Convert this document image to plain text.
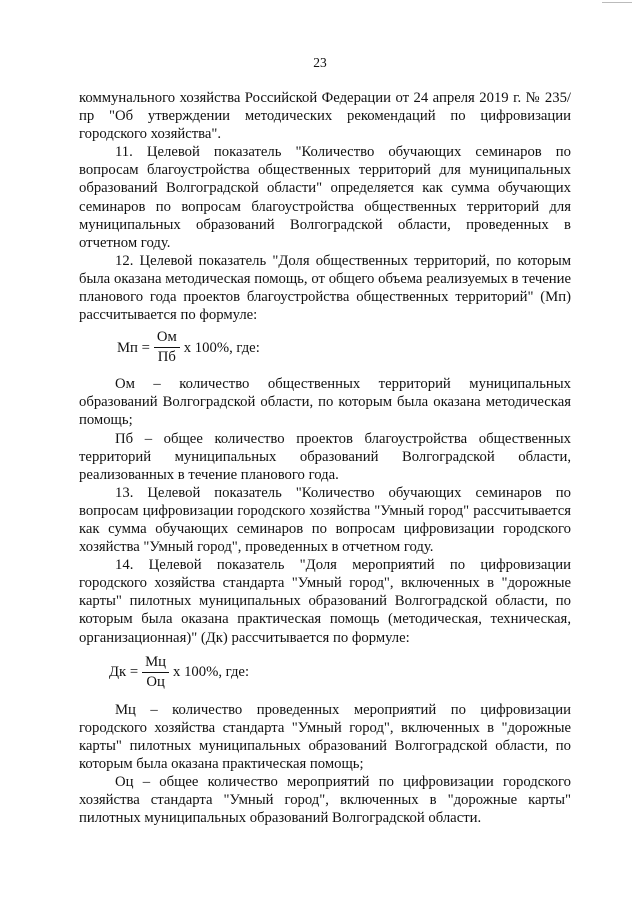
23

коммунального хозяйства Российской Федерации от 24 апреля 2019 г. № 235/пр "Об утверждении методических рекомендаций по цифровизации городского хозяйства".

11. Целевой показатель "Количество обучающих семинаров по вопросам благоустройства общественных территорий для муниципальных образований Волгоградской области" определяется как сумма обучающих семинаров по вопросам благоустройства общественных территорий для муниципальных образований Волгоградской области, проведенных в отчетном году.

12. Целевой показатель "Доля общественных территорий, по которым была оказана методическая помощь, от общего объема реализуемых в течение планового года проектов благоустройства общественных территорий" (Мп) рассчитывается по формуле:

Мп = $\frac{Ом}{Пб}$ х 100%, где:

Ом – количество общественных территорий муниципальных образований Волгоградской области, по которым была оказана методическая помощь;

Пб – общее количество проектов благоустройства общественных территорий муниципальных образований Волгоградской области, реализованных в течение планового года.

13. Целевой показатель "Количество обучающих семинаров по вопросам цифровизации городского хозяйства "Умный город" рассчитывается как сумма обучающих семинаров по вопросам цифровизации городского хозяйства "Умный город", проведенных в отчетном году.

14. Целевой показатель "Доля мероприятий по цифровизации городского хозяйства стандарта "Умный город", включенных в "дорожные карты" пилотных муниципальных образований Волгоградской области, по которым была оказана практическая помощь (методическая, техническая, организационная)" (Дк) рассчитывается по формуле:

Дк = $\frac{Мц}{Оц}$ х 100%, где:

Мц – количество проведенных мероприятий по цифровизации городского хозяйства стандарта "Умный город", включенных в "дорожные карты" пилотных муниципальных образований Волгоградской области, по которым была оказана практическая помощь;

Оц – общее количество мероприятий по цифровизации городского хозяйства стандарта "Умный город", включенных в "дорожные карты" пилотных муниципальных образований Волгоградской области.
